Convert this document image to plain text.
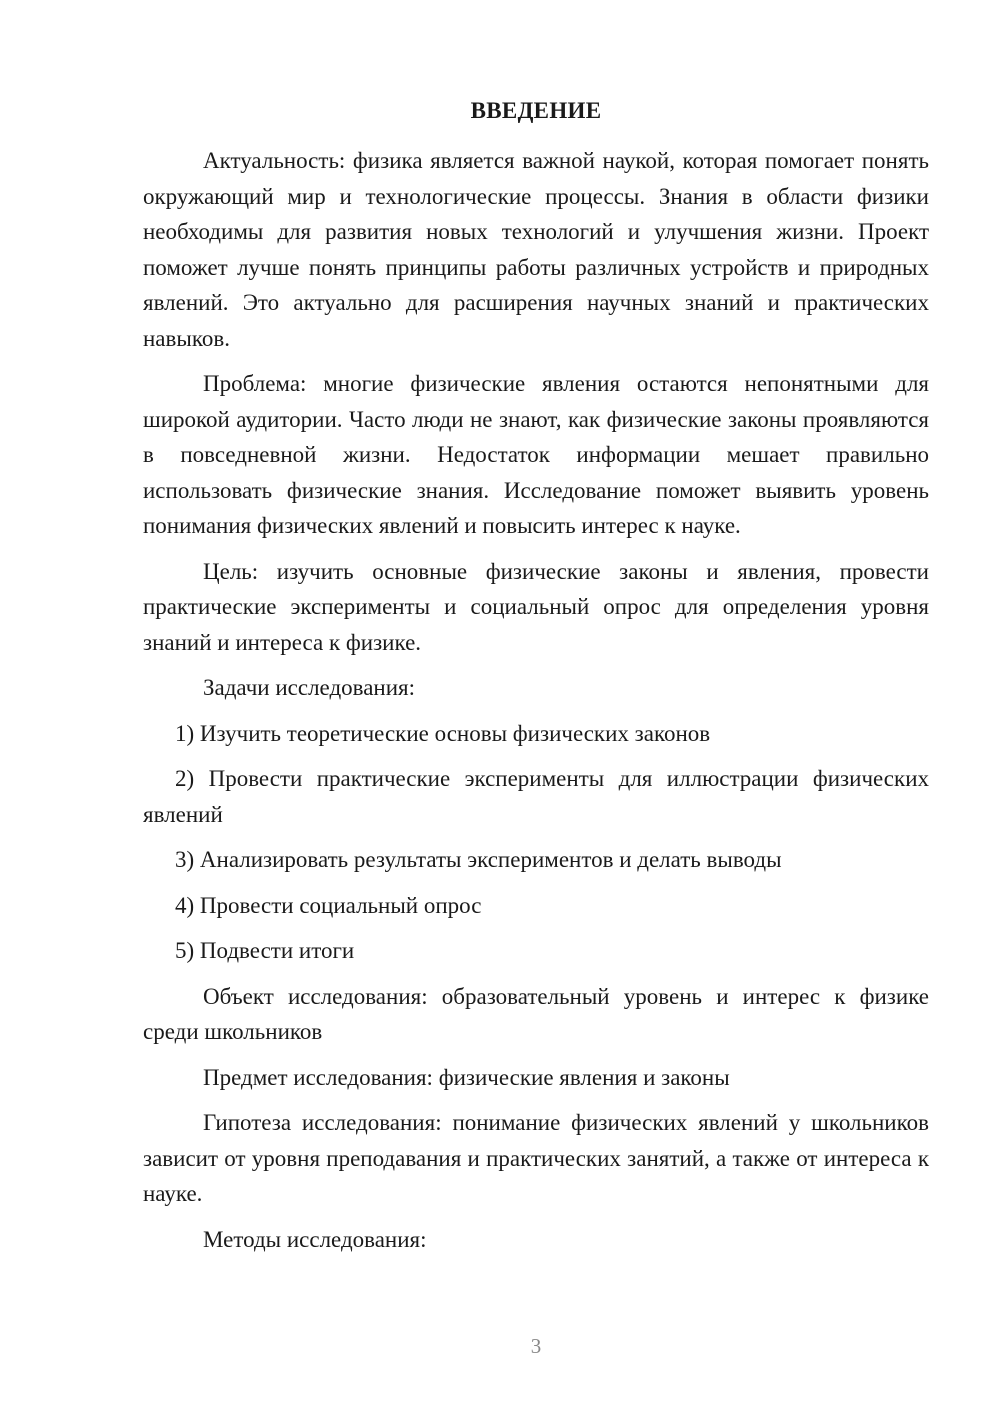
ВВЕДЕНИЕ

Актуальность: физика является важной наукой, которая помогает понять окружающий мир и технологические процессы. Знания в области физики необходимы для развития новых технологий и улучшения жизни. Проект поможет лучше понять принципы работы различных устройств и природных явлений. Это актуально для расширения научных знаний и практических навыков.

Проблема: многие физические явления остаются непонятными для широкой аудитории. Часто люди не знают, как физические законы проявляются в повседневной жизни. Недостаток информации мешает правильно использовать физические знания. Исследование поможет выявить уровень понимания физических явлений и повысить интерес к науке.

Цель: изучить основные физические законы и явления, провести практические эксперименты и социальный опрос для определения уровня знаний и интереса к физике.

Задачи исследования:

1) Изучить теоретические основы физических законов

2) Провести практические эксперименты для иллюстрации физических явлений

3) Анализировать результаты экспериментов и делать выводы

4) Провести социальный опрос

5) Подвести итоги

Объект исследования: образовательный уровень и интерес к физике среди школьников

Предмет исследования: физические явления и законы

Гипотеза исследования: понимание физических явлений у школьников зависит от уровня преподавания и практических занятий, а также от интереса к науке.

Методы исследования:

3
